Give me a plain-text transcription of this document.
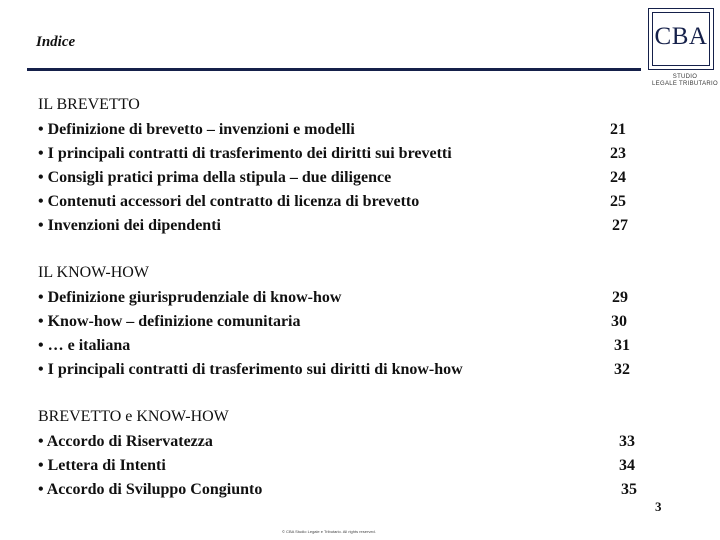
Indice	CBA
STUDIO
LEGALE TRIBUTARIO
IL BREVETTO
• Definizione di brevetto – invenzioni e modelli	21
• I principali contratti di trasferimento dei diritti sui brevetti	23
• Consigli pratici prima della stipula – due diligence	24
• Contenuti accessori del contratto di licenza di brevetto	25
• Invenzioni dei dipendenti	27
IL KNOW-HOW
• Definizione giurisprudenziale di know-how	29
• Know-how – definizione comunitaria	30
• … e italiana	31
• I principali contratti di trasferimento sui diritti di know-how	32
BREVETTO e KNOW-HOW
• Accordo di Riservatezza	33
• Lettera di Intenti	34
• Accordo di Sviluppo Congiunto	35
3
© CBA Studio Legale e Tributario. All rights reserved.
